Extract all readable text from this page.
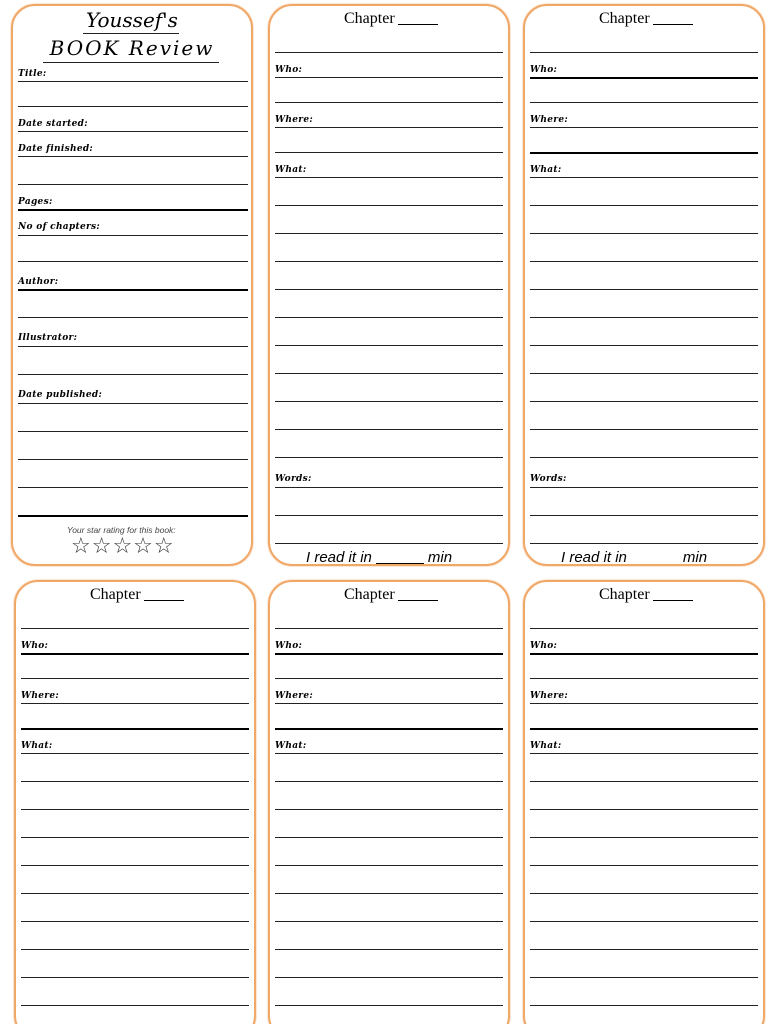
Youssef's
BOOK Review
Title:
Date started:
Date finished:
Pages:
No of chapters:
Author:
Illustrator:
Date published:
Your star rating for this book:
☆☆☆☆☆
Chapter
Who:
Where:
What:
Words:
I read it in	min
Chapter
Who:
Where:
What:
Words:
I read it in	min
Chapter
Who:
Where:
What:
Chapter
Who:
Where:
What:
Chapter
Who:
Where:
What:
